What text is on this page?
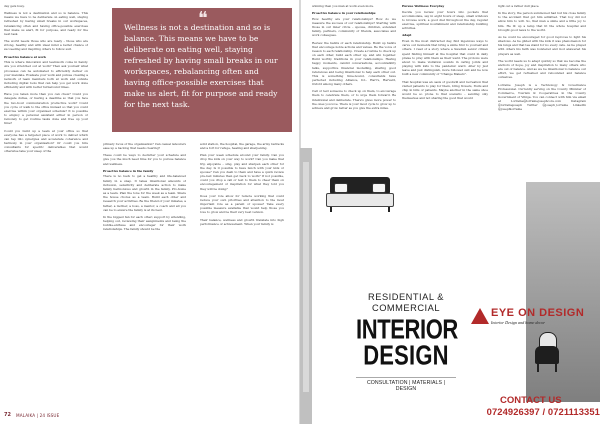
day gets busy.

Wellness is not a destination and so is balance. This means we have to be deliberate on eating well, staying refreshed by having small breaks in our workspaces, rebalancing often and having office-possible exercises that make us alert, fit for purpose, and ready for the next task.

The world needs those who are ready – those who are strong, healthy and with ideal mind a better chance of succeeding and inspiring others to follow suit.

Proactive balance at work

This is where innovation and teamwork come in handy. Are you stretched out at work? Then ask yourself what processes can be automated to efficiently deliver on your mandate. Evaluate your work and pursue creating a network of team members both at work and outside including digital tools that can help you get work done efficiently and with better turnaround times.

Have you taken more than you can chew? Could you delegate duties, or having a deadline so that you face the two-hour communication productive work? Could you cycle or walk to the office instead so that you could exercise within your organised schedule? It is possible to employ a personal assistant either in person or remotely to get routine tasks done and free up your time?

Could you build up a team at your office so that everyone has a targeted piece of work to deliver which can tap into synergies and accelerate coherence and harmony in your organisation? Or could you hire consultants for specific deliverables that would otherwise take your sleep of the

❝
Wellness is not a destination and so is balance. This means we have to be deliberate on eating well, staying refreshed by having small breaks in our workspaces, rebalancing often and having office-possible exercises that make us alert, fit for purpose and ready for the next task.

primary focus of the organisation? Can casual labourers ease up a backlog that needs clearing?

These could be ways to declutter your schedule and give you the much need time for you to pursue balance and wellness.

Proactive balance in the family

There is no back to get a healthy and life-balanced family in a snap. It takes intentional amounts of inclusion, sensitivity and deliberate action to make family harmonious and growth in the family. Pro-home as a team. Plan the tone for the week as a team. Share the house chores as a team. Build each other and research your activities. Be the friend of your inmates, a father, a mother, a boss, a mentor, a coach and all you can be to ensure the family is at its best.

In the biggest fan for each other; support by attending, helping out, reviewing their assignments and being the bubble-enthuse and encourager for their work relationships. The family should be the

solid station, the hospital, the garage, the army barracks and a fort for refuge, healing and sharpening.

Plan your week schedule around your family. Can you drop the kids on your way to work? Can you make that trip enjoyable – sing, play and sharpen each other for the day. Is it possible to have lunch with your kids or spouse? Can you dash to them and have a quick review pre-rest minutes then get back to work? If not possible, could you drop a call or text to them to cheer them on encouragement or inspiration for what they told you they will be doing?

Does your role allow for remote working that could reduce your own priorities and attention to the most important role as a parent or spouse? Take every possible measure available that would help those you love to grow and be their very best version.

Their balance, wellness and growth translate into high performance or achievement. When your family is

72 MALAIKA | 24 ISSUE

winning then you man at work even more.

Proactive balance in your relationships

How healthy are your relationships? How do we measure the success of our relationships? Starting with those in our inner circle – spouse, children, extended family, partners, community of friends, associates and work colleagues.

Review the habits of each relationship. Build up habits that encourage noble actions and values. Be the voice of reason to each relationship. Create a routine to check up on each other, build each other up, and win together. Build worthy traditions in your relationships. Having happy moments, candid conversations, accountability talks, supportive financial modelling, sharing good references and being intentional to help each other out. This is something time-bound, consultants have perfected including Alliance, D.L. Hart's, Harvard, Oxford among many others.

Call or text someone to check up on them, to encourage them to celebrate them, or to urge them forward. Be intentional and deliberate. There's gives more power to the ones you love. There is your most cycle to grow up to achieve and grow better as you give the extra miles.

Pursue Wellness Everyday

Decide you review your hours into pockets that accommodate, say in eight hours of sleep, small windows to browse work, a good diet throughout the day, regular exercise, spiritual nourishment and relationship building activities.

Adapt

Even in the most distracted day, find ingenious ways to carve out moments that bring a smile first to yourself and others. I read of a story where a Swedish senior citizen spent finding himself at the hospital that could in daily praise to pray with them as their ward. The protons were about to make visitation sounds in caring joints and playing with kids to the pandemic ward. Alter by just leave and just distinguish, more followed suit and he now built a new community of "Change Makers".

That hospital was an oasis of goodwill and recreation that visited patients to play for them, bring flowers, fruits and chip in bills of patients. Maybe another in the same shoe would be so prone to that scenario – sending only themselves and not sharing the good that would

light out a rather dull place.

In the story, the person summoned had but his close family to the accident that got him admitted. That boy did not allow him to wilt. So, that man a smile and a little joy to him. He lit up a lamp that lit the whole hospital and brought good news to the world.

As be could be encouraged for good reproves to light his shadows. As he glided with the kids it was phenomenon for his lungs and that tea stand for no every cafe. As he prayed with others his faith was bolstered and God answered his prayers as well.

The world needs us to adapt quickly so that we become the anchors of hope, joy and inspiration to many others who are out of balance. And as we be intentional to balance our effort, we get refreshed and rebounded and balance ourselves.

Lorraine Joseph is a Technology & Governance Professional. Currently serving on the County Minister of Commerce, Tourism & Cooperatives in the County Government of Vihiga. You can connect with him via email at Lorraine@lorrainejosephcore.com Instagram @lorrainejoseph Twitter @joseph_lorraine LinkedIn @josephlorraine

RESIDENTIAL &
COMMERCIAL
INTERIOR
DESIGN
CONSULTATION | MATERIALS | DESIGN
EYE ON DESIGN
Interior Design and home decor
CONTACT US
0724926397 / 0721113351
